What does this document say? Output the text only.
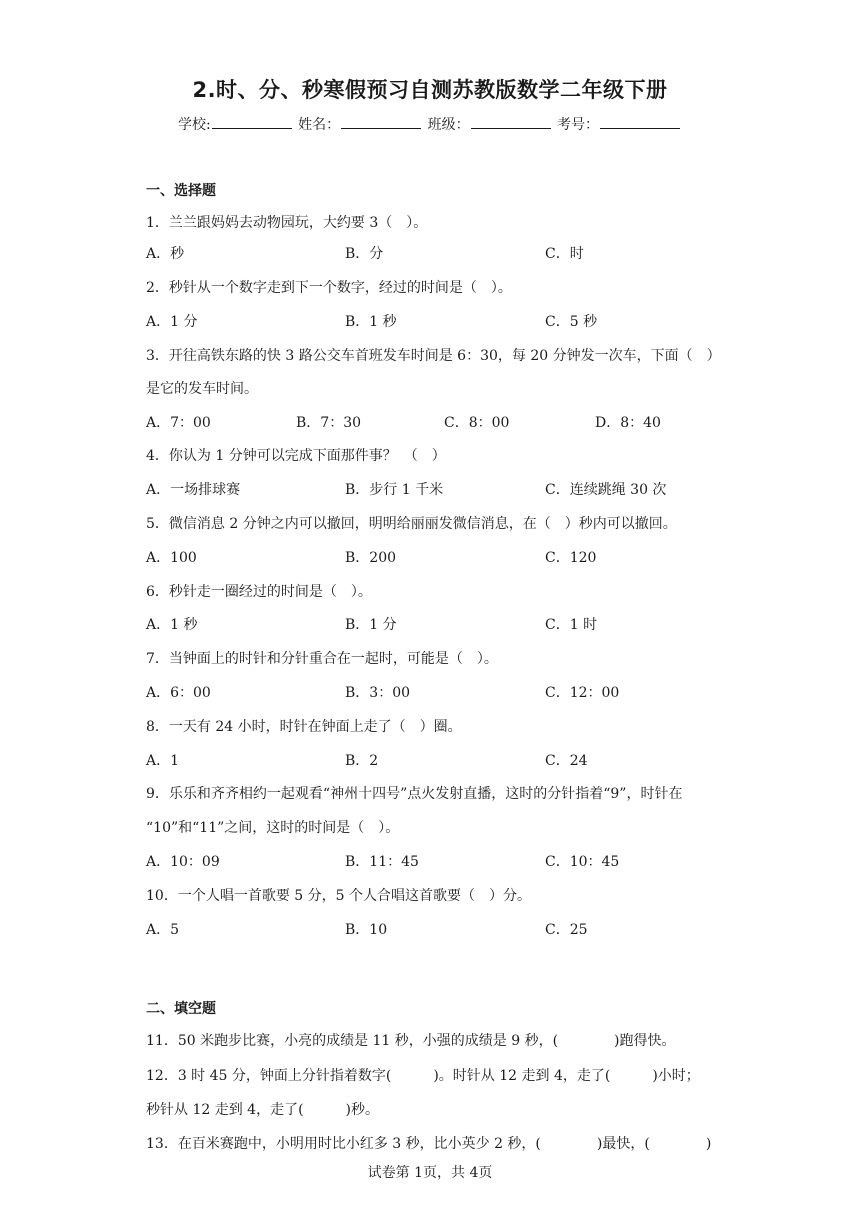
2.时、分、秒寒假预习自测苏教版数学二年级下册
学校:	姓名：	班级：	考号：
一、选择题
1．兰兰跟妈妈去动物园玩，大约要 3（　）。
A．秒	B．分	C．时
2．秒针从一个数字走到下一个数字，经过的时间是（　）。
A．1 分	B．1 秒	C．5 秒
3．开往高铁东路的快 3 路公交车首班发车时间是 6：30，每 20 分钟发一次车，下面（　）
是它的发车时间。
A．7：00	B．7：30	C．8：00	D．8：40
4．你认为 1 分钟可以完成下面那件事？　（　）
A．一场排球赛	B．步行 1 千米	C．连续跳绳 30 次
5．微信消息 2 分钟之内可以撤回，明明给丽丽发微信消息，在（　）秒内可以撤回。
A．100	B．200	C．120
6．秒针走一圈经过的时间是（　）。
A．1 秒	B．1 分	C．1 时
7．当钟面上的时针和分针重合在一起时，可能是（　）。
A．6：00	B．3：00	C．12：00
8．一天有 24 小时，时针在钟面上走了（　）圈。
A．1	B．2	C．24
9．乐乐和齐齐相约一起观看“神州十四号”点火发射直播，这时的分针指着“9”，时针在
“10”和“11”之间，这时的时间是（　）。
A．10：09	B．11：45	C．10：45
10．一个人唱一首歌要 5 分，5 个人合唱这首歌要（　）分。
A．5	B．10	C．25
二、填空题
11．50 米跑步比赛，小亮的成绩是 11 秒，小强的成绩是 9 秒，(　　　　)跑得快。
12．3 时 45 分，钟面上分针指着数字(　　　)。时针从 12 走到 4，走了(　　　)小时；
秒针从 12 走到 4，走了(　　　)秒。
13．在百米赛跑中，小明用时比小红多 3 秒，比小英少 2 秒，(　　　　)最快，(　　　　)
试卷第 1页，共 4页
